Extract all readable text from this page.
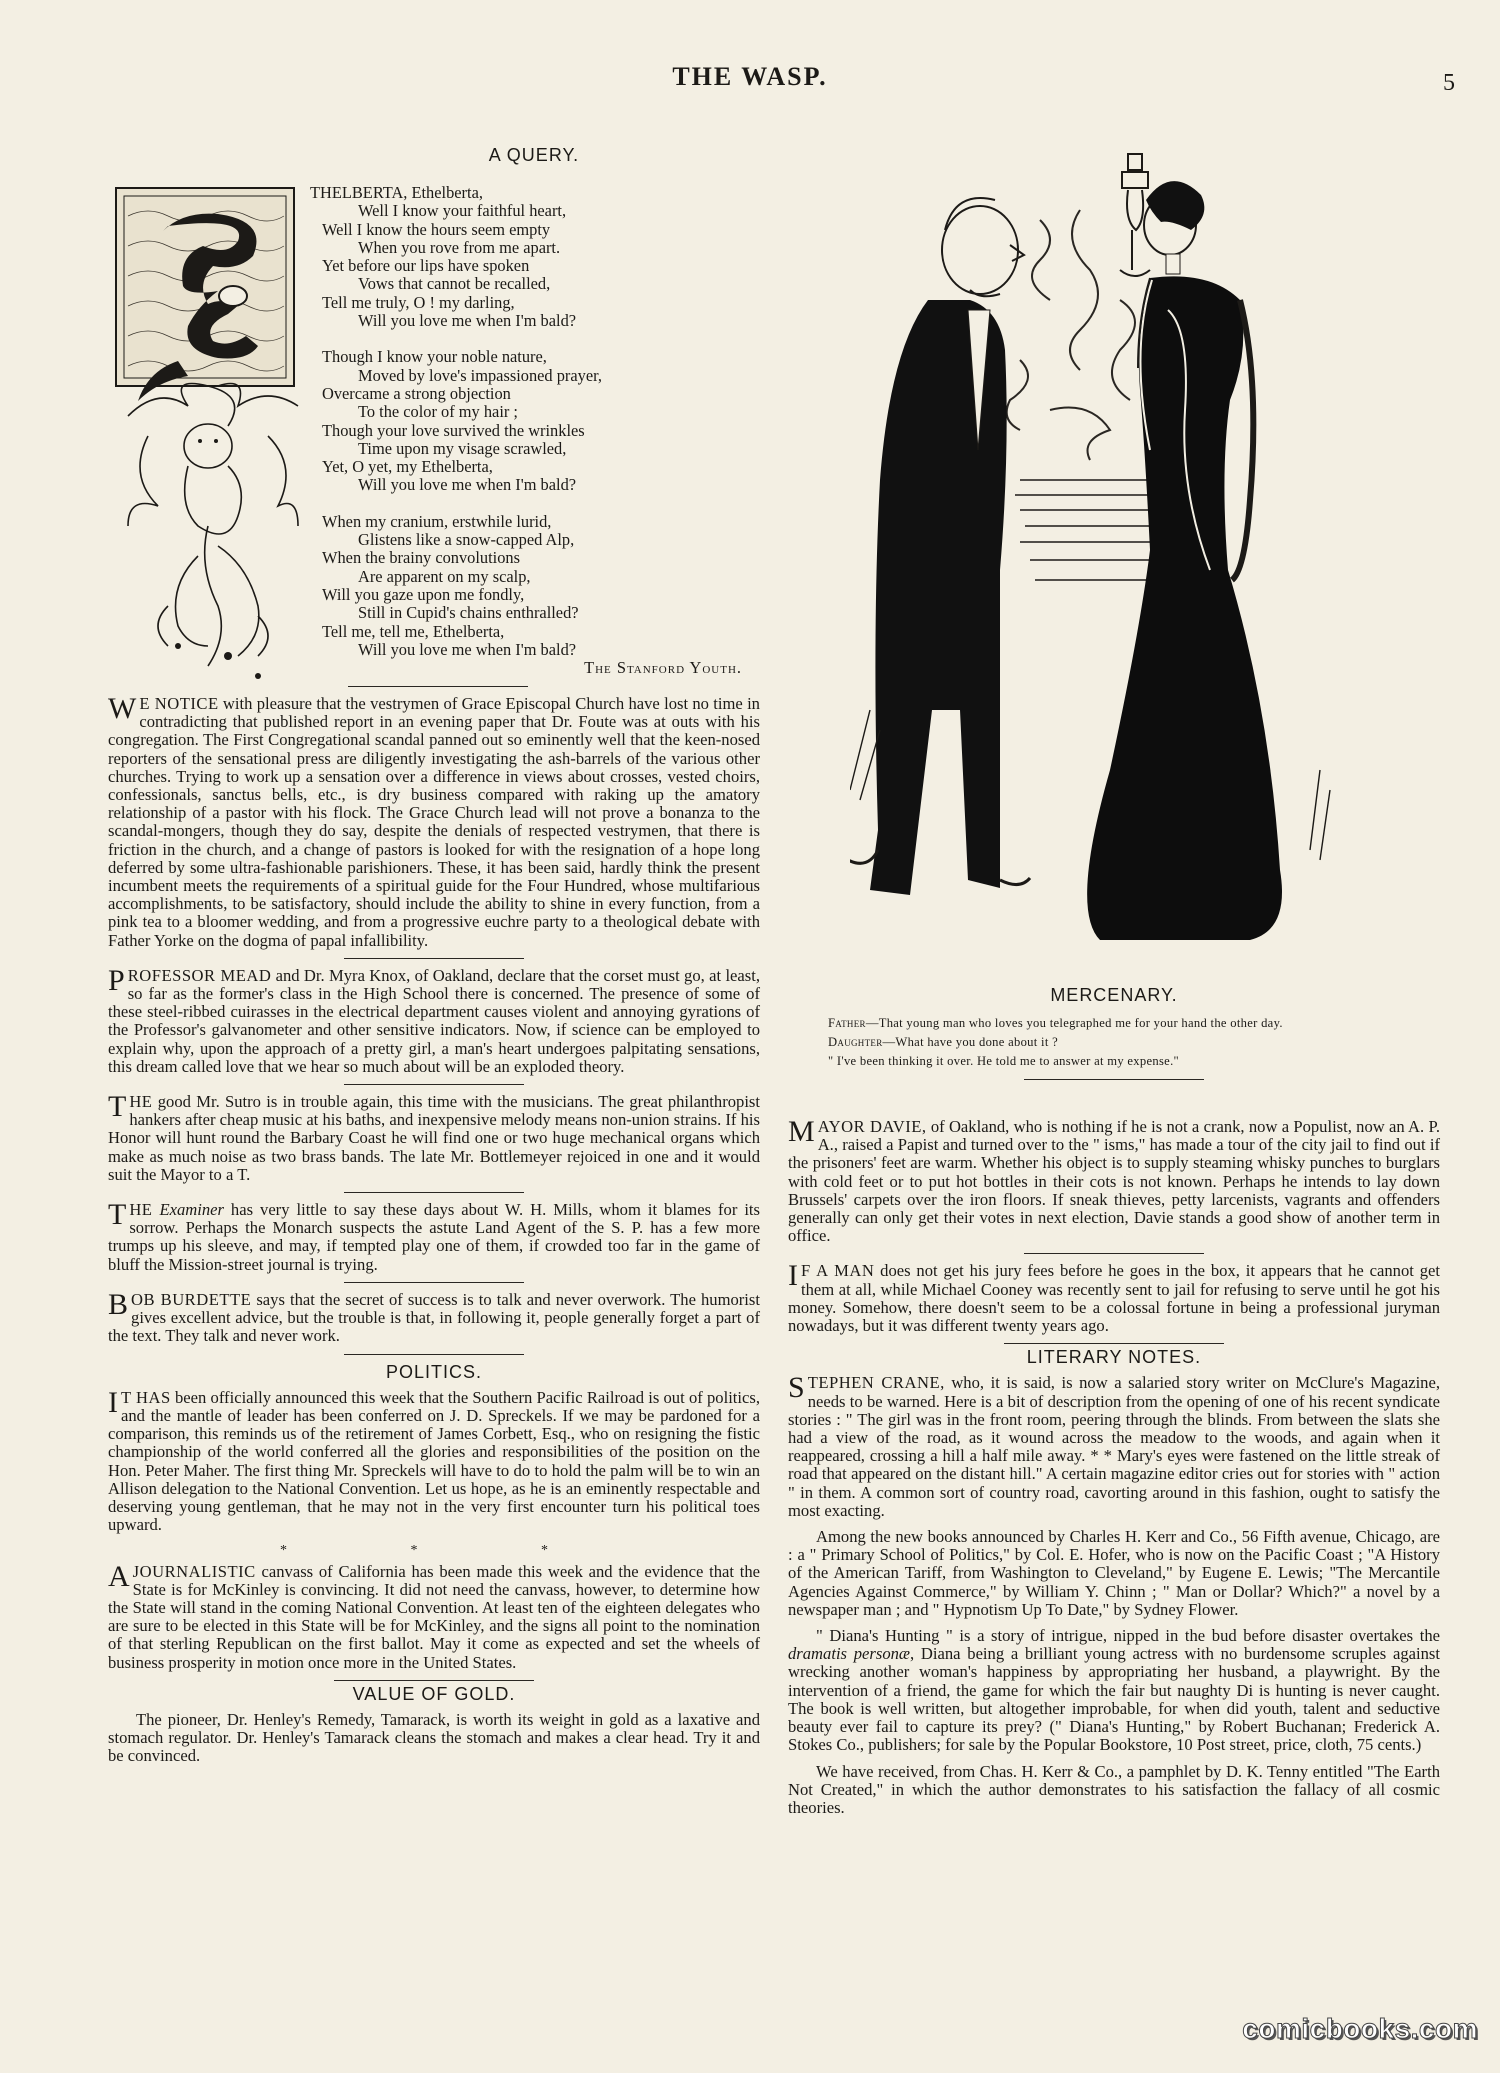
THE WASP.	5
A QUERY.

THELBERTA, Ethelberta,

Well I know your faithful heart,

Well I know the hours seem empty

When you rove from me apart.

Yet before our lips have spoken

Vows that cannot be recalled,

Tell me truly, O ! my darling,

Will you love me when I'm bald?

Though I know your noble nature,

Moved by love's impassioned prayer,

Overcame a strong objection

To the color of my hair ;

Though your love survived the wrinkles

Time upon my visage scrawled,

Yet, O yet, my Ethelberta,

Will you love me when I'm bald?

When my cranium, erstwhile lurid,

Glistens like a snow-capped Alp,

When the brainy convolutions

Are apparent on my scalp,

Will you gaze upon me fondly,

Still in Cupid's chains enthralled?

Tell me, tell me, Ethelberta,

Will you love me when I'm bald?

The Stanford Youth.

W E NOTICE with pleasure that the vestrymen of Grace Episcopal Church have lost no time in contradicting that published report in an evening paper that Dr. Foute was at outs with his congregation. The First Congregational scandal panned out so eminently well that the keen-nosed reporters of the sensational press are diligently investigating the ash-barrels of the various other churches. Trying to work up a sensation over a difference in views about crosses, vested choirs, confessionals, sanctus bells, etc., is dry business compared with raking up the amatory relationship of a pastor with his flock. The Grace Church lead will not prove a bonanza to the scandal-mongers, though they do say, despite the denials of respected vestrymen, that there is friction in the church, and a change of pastors is looked for with the resignation of a hope long deferred by some ultra-fashionable parishioners. These, it has been said, hardly think the present incumbent meets the requirements of a spiritual guide for the Four Hundred, whose multifarious accomplishments, to be satisfactory, should include the ability to shine in every function, from a pink tea to a bloomer wedding, and from a progressive euchre party to a theological debate with Father Yorke on the dogma of papal infallibility.
PROFESSOR MEAD and Dr. Myra Knox, of Oakland, declare that the corset must go, at least, so far as the former's class in the High School there is concerned. The presence of some of these steel-ribbed cuirasses in the electrical department causes violent and annoying gyrations of the Professor's galvanometer and other sensitive indicators. Now, if science can be employed to explain why, upon the approach of a pretty girl, a man's heart undergoes palpitating sensations, this dream called love that we hear so much about will be an exploded theory.
THE good Mr. Sutro is in trouble again, this time with the musicians. The great philanthropist hankers after cheap music at his baths, and inexpensive melody means non-union strains. If his Honor will hunt round the Barbary Coast he will find one or two huge mechanical organs which make as much noise as two brass bands. The late Mr. Bottlemeyer rejoiced in one and it would suit the Mayor to a T.
THE Examiner has very little to say these days about W. H. Mills, whom it blames for its sorrow. Perhaps the Monarch suspects the astute Land Agent of the S. P. has a few more trumps up his sleeve, and may, if tempted play one of them, if crowded too far in the game of bluff the Mission-street journal is trying.
BOB BURDETTE says that the secret of success is to talk and never overwork. The humorist gives excellent advice, but the trouble is that, in following it, people generally forget a part of the text. They talk and never work.
POLITICS.
I T HAS been officially announced this week that the Southern Pacific Railroad is out of politics, and the mantle of leader has been conferred on J. D. Spreckels. If we may be pardoned for a comparison, this reminds us of the retirement of James Corbett, Esq., who on resigning the fistic championship of the world conferred all the glories and responsibilities of the position on the Hon. Peter Maher. The first thing Mr. Spreckels will have to do to hold the palm will be to win an Allison delegation to the National Convention. Let us hope, as he is an eminently respectable and deserving young gentleman, that he may not in the very first encounter turn his political toes upward.
* * *
AJOURNALISTIC canvass of California has been made this week and the evidence that the State is for McKinley is convincing. It did not need the canvass, however, to determine how the State will stand in the coming National Convention. At least ten of the eighteen delegates who are sure to be elected in this State will be for McKinley, and the signs all point to the nomination of that sterling Republican on the first ballot. May it come as expected and set the wheels of business prosperity in motion once more in the United States.
VALUE OF GOLD.
The pioneer, Dr. Henley's Remedy, Tamarack, is worth its weight in gold as a laxative and stomach regulator. Dr. Henley's Tamarack cleans the stomach and makes a clear head. Try it and be convinced.
MERCENARY.

Father—That young man who loves you telegraphed me for your hand the other day.

Daughter—What have you done about it ?

" I've been thinking it over. He told me to answer at my expense."

MAYOR DAVIE, of Oakland, who is nothing if he is not a crank, now a Populist, now an A. P. A., raised a Papist and turned over to the " isms," has made a tour of the city jail to find out if the prisoners' feet are warm. Whether his object is to supply steaming whisky punches to burglars with cold feet or to put hot bottles in their cots is not known. Perhaps he intends to lay down Brussels' carpets over the iron floors. If sneak thieves, petty larcenists, vagrants and offenders generally can only get their votes in next election, Davie stands a good show of another term in office.
I F A MAN does not get his jury fees before he goes in the box, it appears that he cannot get them at all, while Michael Cooney was recently sent to jail for refusing to serve until he got his money. Somehow, there doesn't seem to be a colossal fortune in being a professional juryman nowadays, but it was different twenty years ago.
LITERARY NOTES.
STEPHEN CRANE, who, it is said, is now a salaried story writer on McClure's Magazine, needs to be warned. Here is a bit of description from the opening of one of his recent syndicate stories : " The girl was in the front room, peering through the blinds. From between the slats she had a view of the road, as it wound across the meadow to the woods, and again when it reappeared, crossing a hill a half mile away. * * Mary's eyes were fastened on the little streak of road that appeared on the distant hill." A certain magazine editor cries out for stories with " action " in them. A common sort of country road, cavorting around in this fashion, ought to satisfy the most exacting.
Among the new books announced by Charles H. Kerr and Co., 56 Fifth avenue, Chicago, are : a " Primary School of Politics," by Col. E. Hofer, who is now on the Pacific Coast ; "A History of the American Tariff, from Washington to Cleveland," by Eugene E. Lewis; "The Mercantile Agencies Against Commerce," by William Y. Chinn ; " Man or Dollar? Which?" a novel by a newspaper man ; and " Hypnotism Up To Date," by Sydney Flower.
" Diana's Hunting " is a story of intrigue, nipped in the bud before disaster overtakes the dramatis personæ, Diana being a brilliant young actress with no burdensome scruples against wrecking another woman's happiness by appropriating her husband, a playwright. By the intervention of a friend, the game for which the fair but naughty Di is hunting is never caught. The book is well written, but altogether improbable, for when did youth, talent and seductive beauty ever fail to capture its prey? (" Diana's Hunting," by Robert Buchanan; Frederick A. Stokes Co., publishers; for sale by the Popular Bookstore, 10 Post street, price, cloth, 75 cents.)
We have received, from Chas. H. Kerr & Co., a pamphlet by D. K. Tenny entitled "The Earth Not Created," in which the author demonstrates to his satisfaction the fallacy of all cosmic theories.
comicbooks.com
